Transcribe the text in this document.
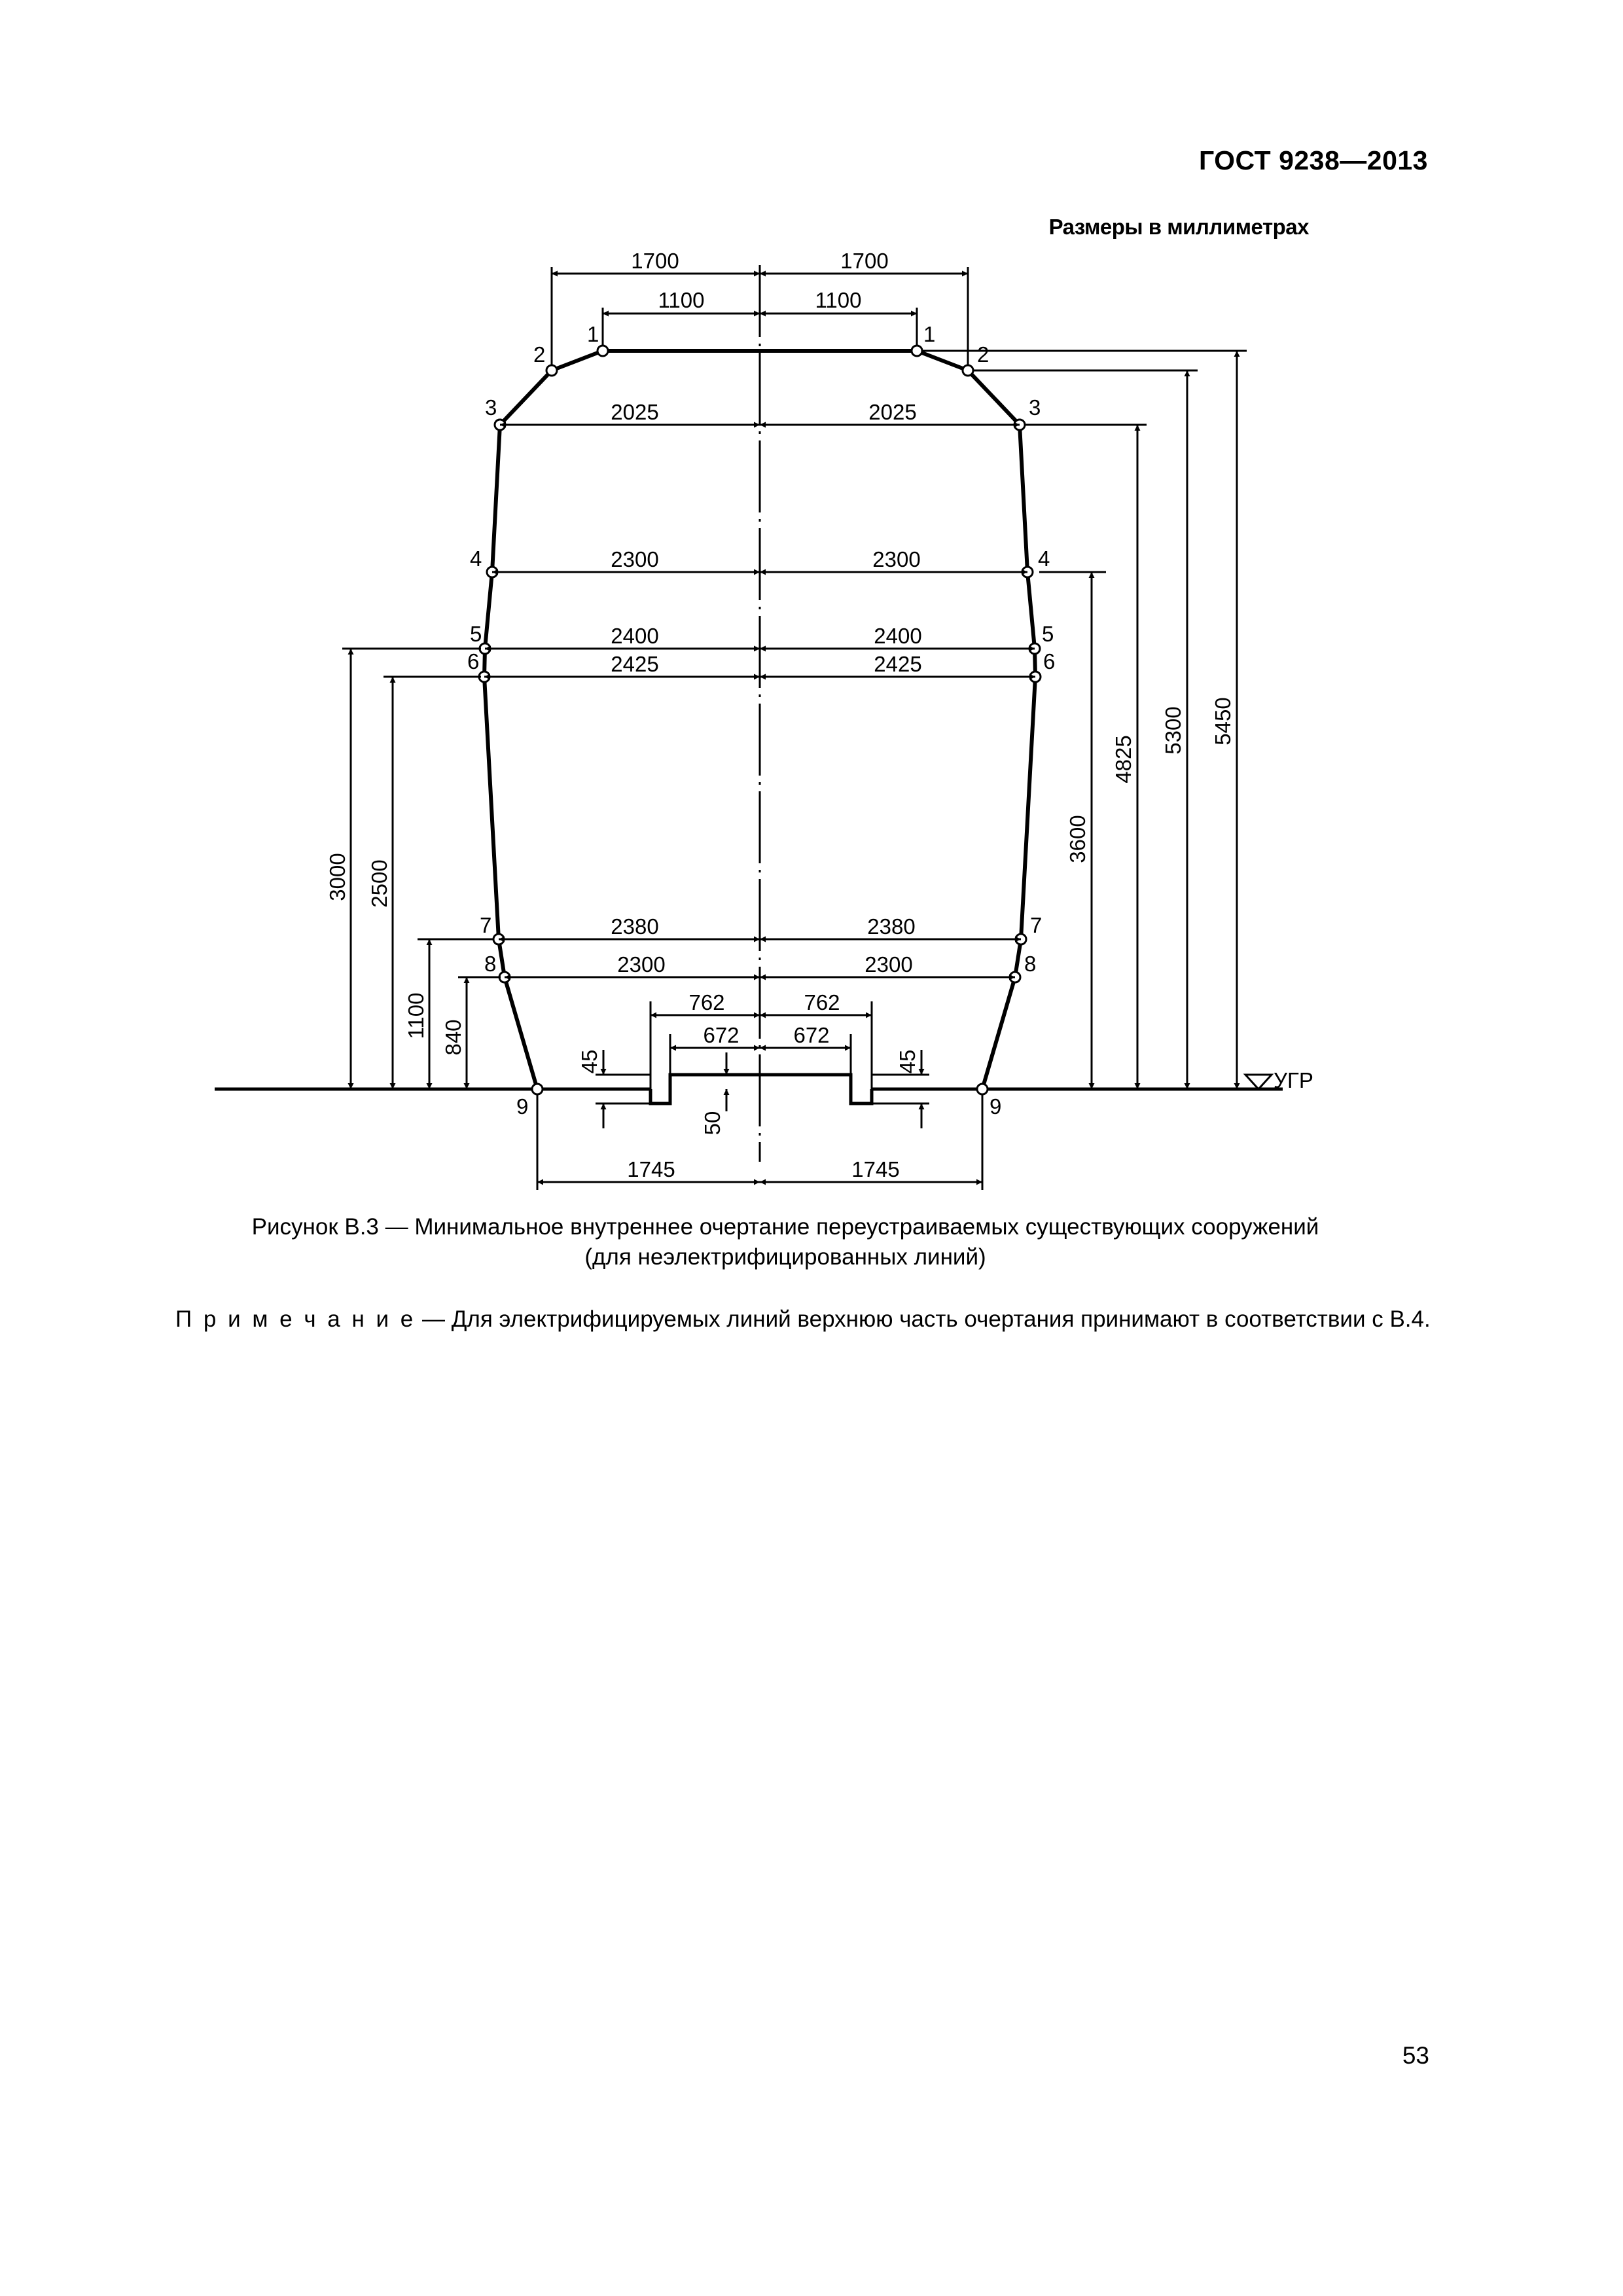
ГОСТ 9238—2013
Размеры в миллиметрах
1	1
2	2
3	3
4	4
5	5
6	6
7	7
8	8
9	9
УГР
1700	1700
1100	1100
2025	2025
2300	2300
2400	2400
2425	2425
2380	2380
2300	2300
762	762
672	672
1745	1745
3000 2500
1100 840
45
50
45
3600
4825
5300 5450
Рисунок В.3 — Минимальное внутреннее очертание переустраиваемых существующих сооружений
(для неэлектрифицированных линий)
П р и м е ч а н и е — Для электрифицируемых линий верхнюю часть очертания принимают в соответствии с В.4.
53
